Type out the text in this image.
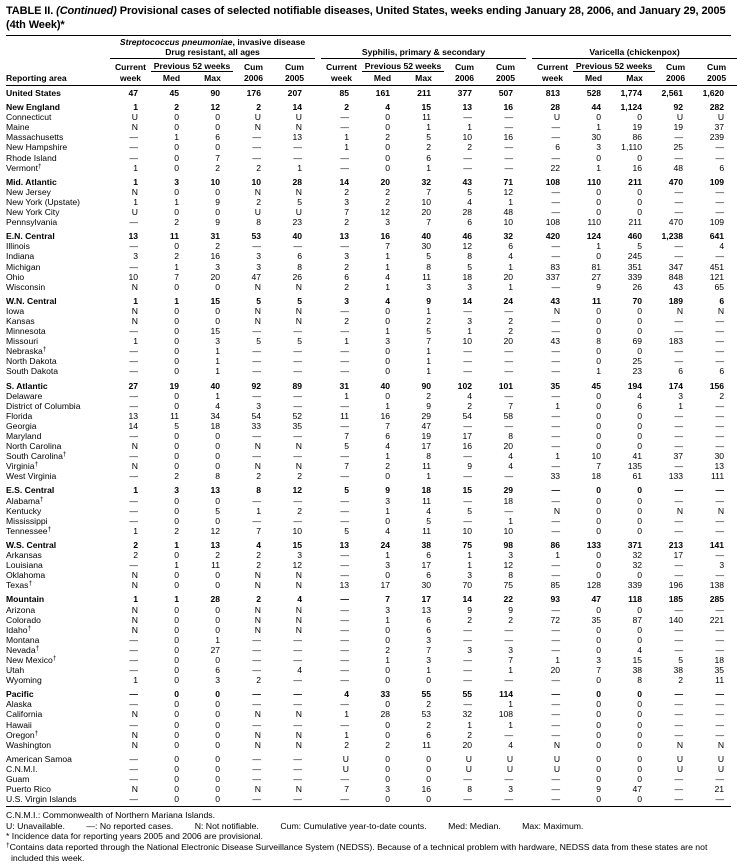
TABLE II. (Continued) Provisional cases of selected notifiable diseases, United States, weeks ending January 28, 2006, and January 29, 2005 (4th Week)*
	Streptococcus pneumoniae, invasive disease
Drug resistant, all ages						Syphilis, primary & secondary						Varicella (chickenpox)				
	Current	Previous 52 weeks		Cum	Cum		Current	Previous 52 weeks		Cum	Cum		Current	Previous 52 weeks		Cum	Cum
Reporting area	week	Med	Max	2006	2005		week	Med	Max	2006	2005		week	Med	Max	2006	2005
United States	47	45	90	176	207		85	161	211	377	507		813	528	1,774	2,561	1,620
New England	1	2	12	2	14		2	4	15	13	16		28	44	1,124	92	282
Connecticut	U	0	0	U	U		—	0	11	—	—		U	0	0	U	U
Maine	N	0	0	N	N		—	0	1	1	—		—	1	19	19	37
Massachusetts	—	1	6	—	13		1	2	5	10	16		—	30	86	—	239
New Hampshire	—	0	0	—	—		1	0	2	2	—		6	3	1,110	25	—
Rhode Island	—	0	7	—	—		—	0	6	—	—		—	0	0	—	—
Vermont†	1	0	2	2	1		—	0	1	—	—		22	1	16	48	6
Mid. Atlantic	1	3	10	10	28		14	20	32	43	71		108	110	211	470	109
New Jersey	N	0	0	N	N		2	2	7	5	12		—	0	0	—	—
New York (Upstate)	1	1	9	2	5		3	2	10	4	1		—	0	0	—	—
New York City	U	0	0	U	U		7	12	20	28	48		—	0	0	—	—
Pennsylvania	—	2	9	8	23		2	3	7	6	10		108	110	211	470	109
E.N. Central	13	11	31	53	40		13	16	40	46	32		420	124	460	1,238	641
Illinois	—	0	2	—	—		—	7	30	12	6		—	1	5	—	4
Indiana	3	2	16	3	6		3	1	5	8	4		—	0	245	—	—
Michigan	—	1	3	3	8		2	1	8	5	1		83	81	351	347	451
Ohio	10	7	20	47	26		6	4	11	18	20		337	27	339	848	121
Wisconsin	N	0	0	N	N		2	1	3	3	1		—	9	26	43	65
W.N. Central	1	1	15	5	5		3	4	9	14	24		43	11	70	189	6
Iowa	N	0	0	N	N		—	0	1	—	—		N	0	0	N	N
Kansas	N	0	0	N	N		2	0	2	3	2		—	0	0	—	—
Minnesota	—	0	15	—	—		—	1	5	1	2		—	0	0	—	—
Missouri	1	0	3	5	5		1	3	7	10	20		43	8	69	183	—
Nebraska†	—	0	1	—	—		—	0	1	—	—		—	0	0	—	—
North Dakota	—	0	1	—	—		—	0	1	—	—		—	0	25	—	—
South Dakota	—	0	1	—	—		—	0	1	—	—		—	1	23	6	6
S. Atlantic	27	19	40	92	89		31	40	90	102	101		35	45	194	174	156
Delaware	—	0	1	—	—		1	0	2	4	—		—	0	4	3	2
District of Columbia	—	0	4	3	—		—	1	9	2	7		1	0	6	1	—
Florida	13	11	34	54	52		11	16	29	54	58		—	0	0	—	—
Georgia	14	5	18	33	35		—	7	47	—	—		—	0	0	—	—
Maryland	—	0	0	—	—		7	6	19	17	8		—	0	0	—	—
North Carolina	N	0	0	N	N		5	4	17	16	20		—	0	0	—	—
South Carolina†	—	0	0	—	—		—	1	8	—	4		1	10	41	37	30
Virginia†	N	0	0	N	N		7	2	11	9	4		—	7	135	—	13
West Virginia	—	2	8	2	2		—	0	1	—	—		33	18	61	133	111
E.S. Central	1	3	13	8	12		5	9	18	15	29		—	0	0	—	—
Alabama†	—	0	0	—	—		—	3	11	—	18		—	0	0	—	—
Kentucky	—	0	5	1	2		—	1	4	5	—		N	0	0	N	N
Mississippi	—	0	0	—	—		—	0	5	—	1		—	0	0	—	—
Tennessee†	1	2	12	7	10		5	4	11	10	10		—	0	0	—	—
W.S. Central	2	1	13	4	15		13	24	38	75	98		86	133	371	213	141
Arkansas	2	0	2	2	3		—	1	6	1	3		1	0	32	17	—
Louisiana	—	1	11	2	12		—	3	17	1	12		—	0	32	—	3
Oklahoma	N	0	0	N	N		—	0	6	3	8		—	0	0	—	—
Texas†	N	0	0	N	N		13	17	30	70	75		85	128	339	196	138
Mountain	1	1	28	2	4		—	7	17	14	22		93	47	118	185	285
Arizona	N	0	0	N	N		—	3	13	9	9		—	0	0	—	—
Colorado	N	0	0	N	N		—	1	6	2	2		72	35	87	140	221
Idaho†	N	0	0	N	N		—	0	6	—	—		—	0	0	—	—
Montana	—	0	1	—	—		—	0	3	—	—		—	0	0	—	—
Nevada†	—	0	27	—	—		—	2	7	3	3		—	0	4	—	—
New Mexico†	—	0	0	—	—		—	1	3	—	7		1	3	15	5	18
Utah	—	0	6	—	4		—	0	1	—	1		20	7	38	38	35
Wyoming	1	0	3	2	—		—	0	0	—	—		—	0	8	2	11
Pacific	—	0	0	—	—		4	33	55	55	114		—	0	0	—	—
Alaska	—	0	0	—	—		—	0	2	—	1		—	0	0	—	—
California	N	0	0	N	N		1	28	53	32	108		—	0	0	—	—
Hawaii	—	0	0	—	—		—	0	2	1	1		—	0	0	—	—
Oregon†	N	0	0	N	N		1	0	6	2	—		—	0	0	—	—
Washington	N	0	0	N	N		2	2	11	20	4		N	0	0	N	N
American Samoa	—	0	0	—	—		U	0	0	U	U		U	0	0	U	U
C.N.M.I.	—	0	0	—	—		U	0	0	U	U		U	0	0	U	U
Guam	—	0	0	—	—		—	0	0	—	—		—	0	0	—	—
Puerto Rico	N	0	0	N	N		7	3	16	8	3		—	9	47	—	21
U.S. Virgin Islands	—	0	0	—	—		—	0	0	—	—		—	0	0	—	—
C.N.M.I.: Commonwealth of Northern Mariana Islands.
U: Unavailable. —: No reported cases. N: Not notifiable. Cum: Cumulative year-to-date counts. Med: Median. Max: Maximum.
* Incidence data for reporting years 2005 and 2006 are provisional.
†Contains data reported through the National Electronic Disease Surveillance System (NEDSS). Because of a technical problem with hardware, NEDSS data from these states are not included this week.
